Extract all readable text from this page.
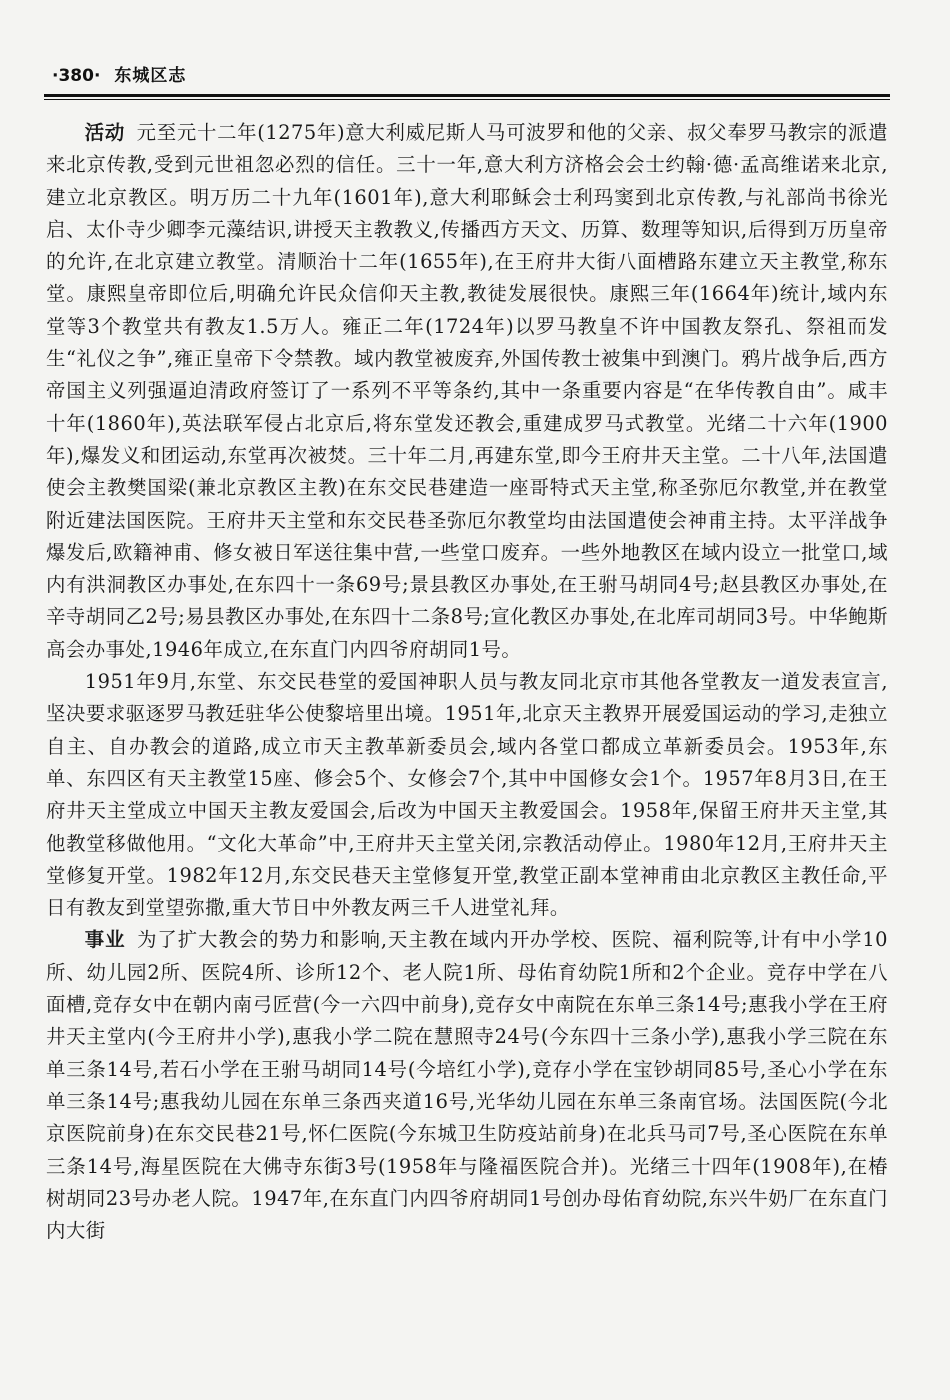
·380· 东城区志

活动 元至元十二年(1275年)意大利威尼斯人马可波罗和他的父亲、叔父奉罗马教宗的派遣来北京传教,受到元世祖忽必烈的信任。三十一年,意大利方济格会会士约翰·德·孟高维诺来北京,建立北京教区。明万历二十九年(1601年),意大利耶稣会士利玛窦到北京传教,与礼部尚书徐光启、太仆寺少卿李元藻结识,讲授天主教教义,传播西方天文、历算、数理等知识,后得到万历皇帝的允许,在北京建立教堂。清顺治十二年(1655年),在王府井大街八面槽路东建立天主教堂,称东堂。康熙皇帝即位后,明确允许民众信仰天主教,教徒发展很快。康熙三年(1664年)统计,域内东堂等3个教堂共有教友1.5万人。雍正二年(1724年)以罗马教皇不许中国教友祭孔、祭祖而发生“礼仪之争”,雍正皇帝下令禁教。域内教堂被废弃,外国传教士被集中到澳门。鸦片战争后,西方帝国主义列强逼迫清政府签订了一系列不平等条约,其中一条重要内容是“在华传教自由”。咸丰十年(1860年),英法联军侵占北京后,将东堂发还教会,重建成罗马式教堂。光绪二十六年(1900年),爆发义和团运动,东堂再次被焚。三十年二月,再建东堂,即今王府井天主堂。二十八年,法国遣使会主教樊国梁(兼北京教区主教)在东交民巷建造一座哥特式天主堂,称圣弥厄尔教堂,并在教堂附近建法国医院。王府井天主堂和东交民巷圣弥厄尔教堂均由法国遣使会神甫主持。太平洋战争爆发后,欧籍神甫、修女被日军送往集中营,一些堂口废弃。一些外地教区在域内设立一批堂口,域内有洪洞教区办事处,在东四十一条69号;景县教区办事处,在王驸马胡同4号;赵县教区办事处,在辛寺胡同乙2号;易县教区办事处,在东四十二条8号;宣化教区办事处,在北库司胡同3号。中华鲍斯高会办事处,1946年成立,在东直门内四爷府胡同1号。

1951年9月,东堂、东交民巷堂的爱国神职人员与教友同北京市其他各堂教友一道发表宣言,坚决要求驱逐罗马教廷驻华公使黎培里出境。1951年,北京天主教界开展爱国运动的学习,走独立自主、自办教会的道路,成立市天主教革新委员会,域内各堂口都成立革新委员会。1953年,东单、东四区有天主教堂15座、修会5个、女修会7个,其中中国修女会1个。1957年8月3日,在王府井天主堂成立中国天主教友爱国会,后改为中国天主教爱国会。1958年,保留王府井天主堂,其他教堂移做他用。“文化大革命”中,王府井天主堂关闭,宗教活动停止。1980年12月,王府井天主堂修复开堂。1982年12月,东交民巷天主堂修复开堂,教堂正副本堂神甫由北京教区主教任命,平日有教友到堂望弥撒,重大节日中外教友两三千人进堂礼拜。

事业 为了扩大教会的势力和影响,天主教在域内开办学校、医院、福利院等,计有中小学10所、幼儿园2所、医院4所、诊所12个、老人院1所、母佑育幼院1所和2个企业。竞存中学在八面槽,竞存女中在朝内南弓匠营(今一六四中前身),竞存女中南院在东单三条14号;惠我小学在王府井天主堂内(今王府井小学),惠我小学二院在慧照寺24号(今东四十三条小学),惠我小学三院在东单三条14号,若石小学在王驸马胡同14号(今培红小学),竞存小学在宝钞胡同85号,圣心小学在东单三条14号;惠我幼儿园在东单三条西夹道16号,光华幼儿园在东单三条南官场。法国医院(今北京医院前身)在东交民巷21号,怀仁医院(今东城卫生防疫站前身)在北兵马司7号,圣心医院在东单三条14号,海星医院在大佛寺东街3号(1958年与隆福医院合并)。光绪三十四年(1908年),在椿树胡同23号办老人院。1947年,在东直门内四爷府胡同1号创办母佑育幼院,东兴牛奶厂在东直门内大街
